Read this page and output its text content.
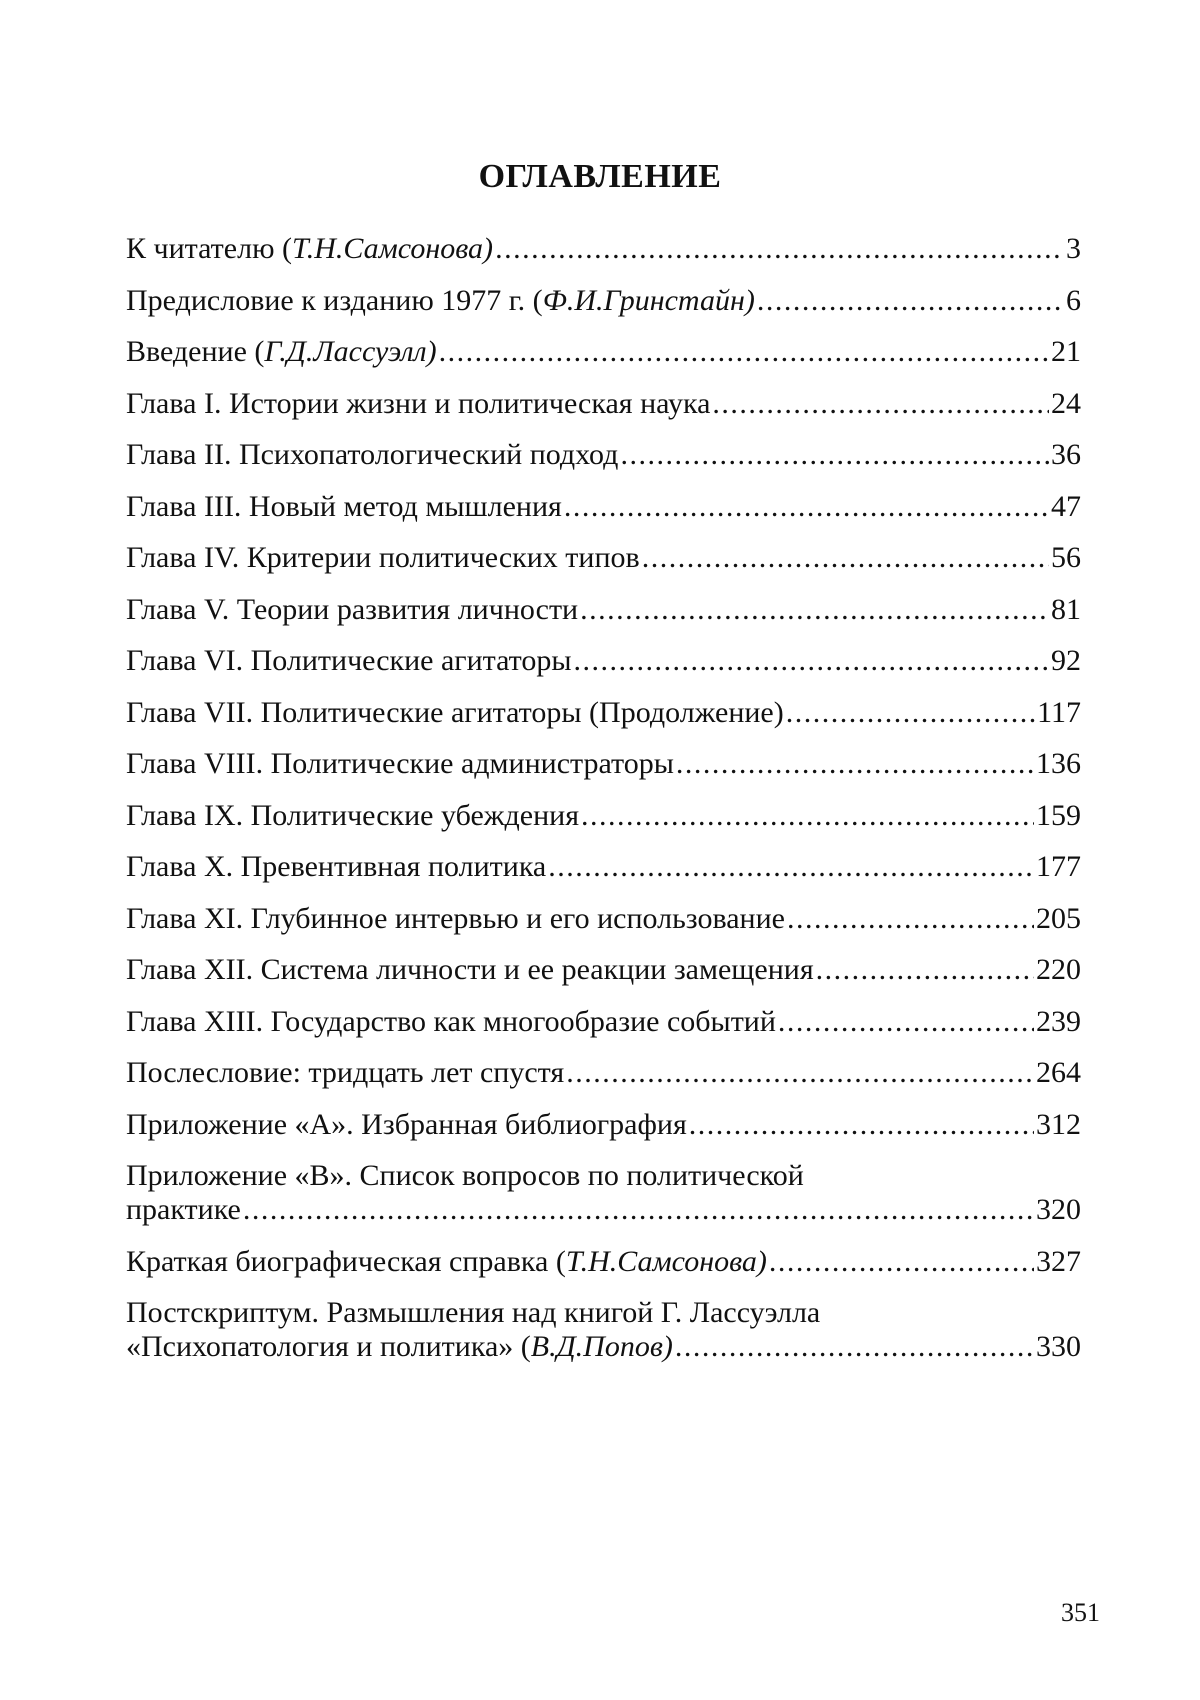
ОГЛАВЛЕНИЕ
К читателю (Т.Н.Самсонова) .....	3
Предисловие к изданию 1977 г. (Ф.И.Гринстайн) .....	6
Введение (Г.Д.Лассуэлл) .....	21
Глава I. Истории жизни и политическая наука .....	24
Глава II. Психопатологический подход .....	36
Глава III. Новый метод мышления .....	47
Глава IV. Критерии политических типов .....	56
Глава V. Теории развития личности .....	81
Глава VI. Политические агитаторы .....	92
Глава VII. Политические агитаторы (Продолжение) .....	117
Глава VIII. Политические администраторы .....	136
Глава IX. Политические убеждения .....	159
Глава X. Превентивная политика .....	177
Глава XI. Глубинное интервью и его использование .....	205
Глава XII. Система личности и ее реакции замещения .....	220
Глава XIII. Государство как многообразие событий .....	239
Послесловие: тридцать лет спустя .....	264
Приложение «А». Избранная библиография .....	312
Приложение «В». Список вопросов по политической
практике .....	320
Краткая биографическая справка (Т.Н.Самсонова) .....	327
Постскриптум. Размышления над книгой Г. Лассуэлла
«Психопатология и политика» (В.Д.Попов) .....	330
351
